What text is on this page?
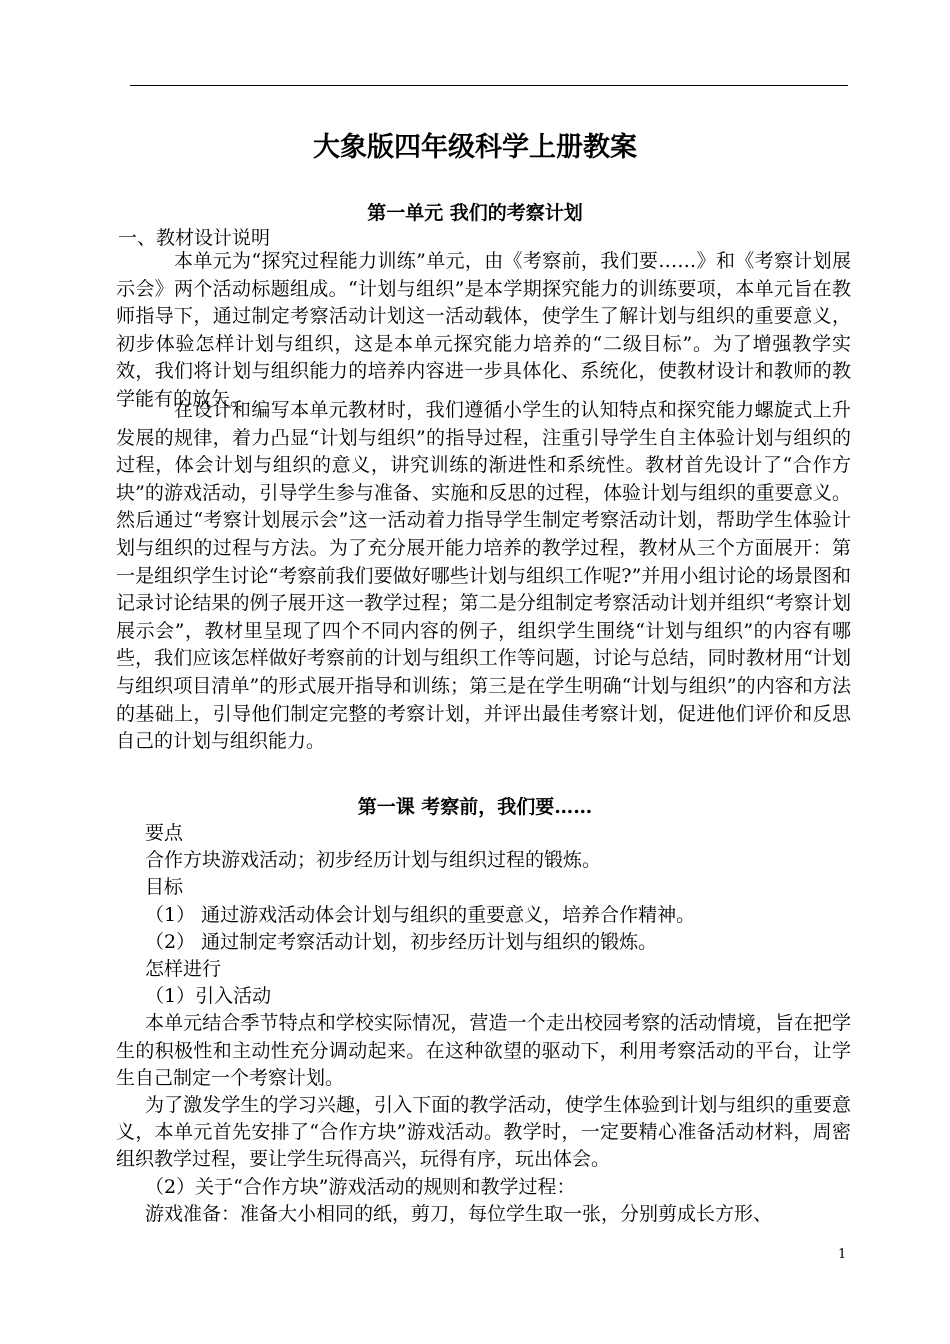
大象版四年级科学上册教案
第一单元 我们的考察计划
一、教材设计说明

本单元为“探究过程能力训练”单元，由《考察前，我们要……》和《考察计划展示会》两个活动标题组成。“计划与组织”是本学期探究能力的训练要项，本单元旨在教师指导下，通过制定考察活动计划这一活动载体，使学生了解计划与组织的重要意义，初步体验怎样计划与组织，这是本单元探究能力培养的“二级目标”。为了增强教学实效，我们将计划与组织能力的培养内容进一步具体化、系统化，使教材设计和教师的教学能有的放矢。

在设计和编写本单元教材时，我们遵循小学生的认知特点和探究能力螺旋式上升发展的规律，着力凸显“计划与组织”的指导过程，注重引导学生自主体验计划与组织的过程，体会计划与组织的意义，讲究训练的渐进性和系统性。教材首先设计了“合作方块”的游戏活动，引导学生参与准备、实施和反思的过程，体验计划与组织的重要意义。然后通过“考察计划展示会”这一活动着力指导学生制定考察活动计划，帮助学生体验计划与组织的过程与方法。为了充分展开能力培养的教学过程，教材从三个方面展开：第一是组织学生讨论“考察前我们要做好哪些计划与组织工作呢?”并用小组讨论的场景图和记录讨论结果的例子展开这一教学过程；第二是分组制定考察活动计划并组织“考察计划展示会”，教材里呈现了四个不同内容的例子，组织学生围绕“计划与组织”的内容有哪些，我们应该怎样做好考察前的计划与组织工作等问题，讨论与总结，同时教材用“计划与组织项目清单”的形式展开指导和训练；第三是在学生明确“计划与组织”的内容和方法的基础上，引导他们制定完整的考察计划，并评出最佳考察计划，促进他们评价和反思自己的计划与组织能力。

第一课 考察前，我们要……

要点

合作方块游戏活动；初步经历计划与组织过程的锻炼。

目标

（1） 通过游戏活动体会计划与组织的重要意义，培养合作精神。

（2） 通过制定考察活动计划，初步经历计划与组织的锻炼。

怎样进行

（1）引入活动

本单元结合季节特点和学校实际情况，营造一个走出校园考察的活动情境，旨在把学生的积极性和主动性充分调动起来。在这种欲望的驱动下，利用考察活动的平台，让学生自己制定一个考察计划。

为了激发学生的学习兴趣，引入下面的教学活动，使学生体验到计划与组织的重要意义，本单元首先安排了“合作方块”游戏活动。教学时，一定要精心准备活动材料，周密组织教学过程，要让学生玩得高兴，玩得有序，玩出体会。

（2）关于“合作方块”游戏活动的规则和教学过程：

游戏准备：准备大小相同的纸，剪刀，每位学生取一张，分别剪成长方形、

1
